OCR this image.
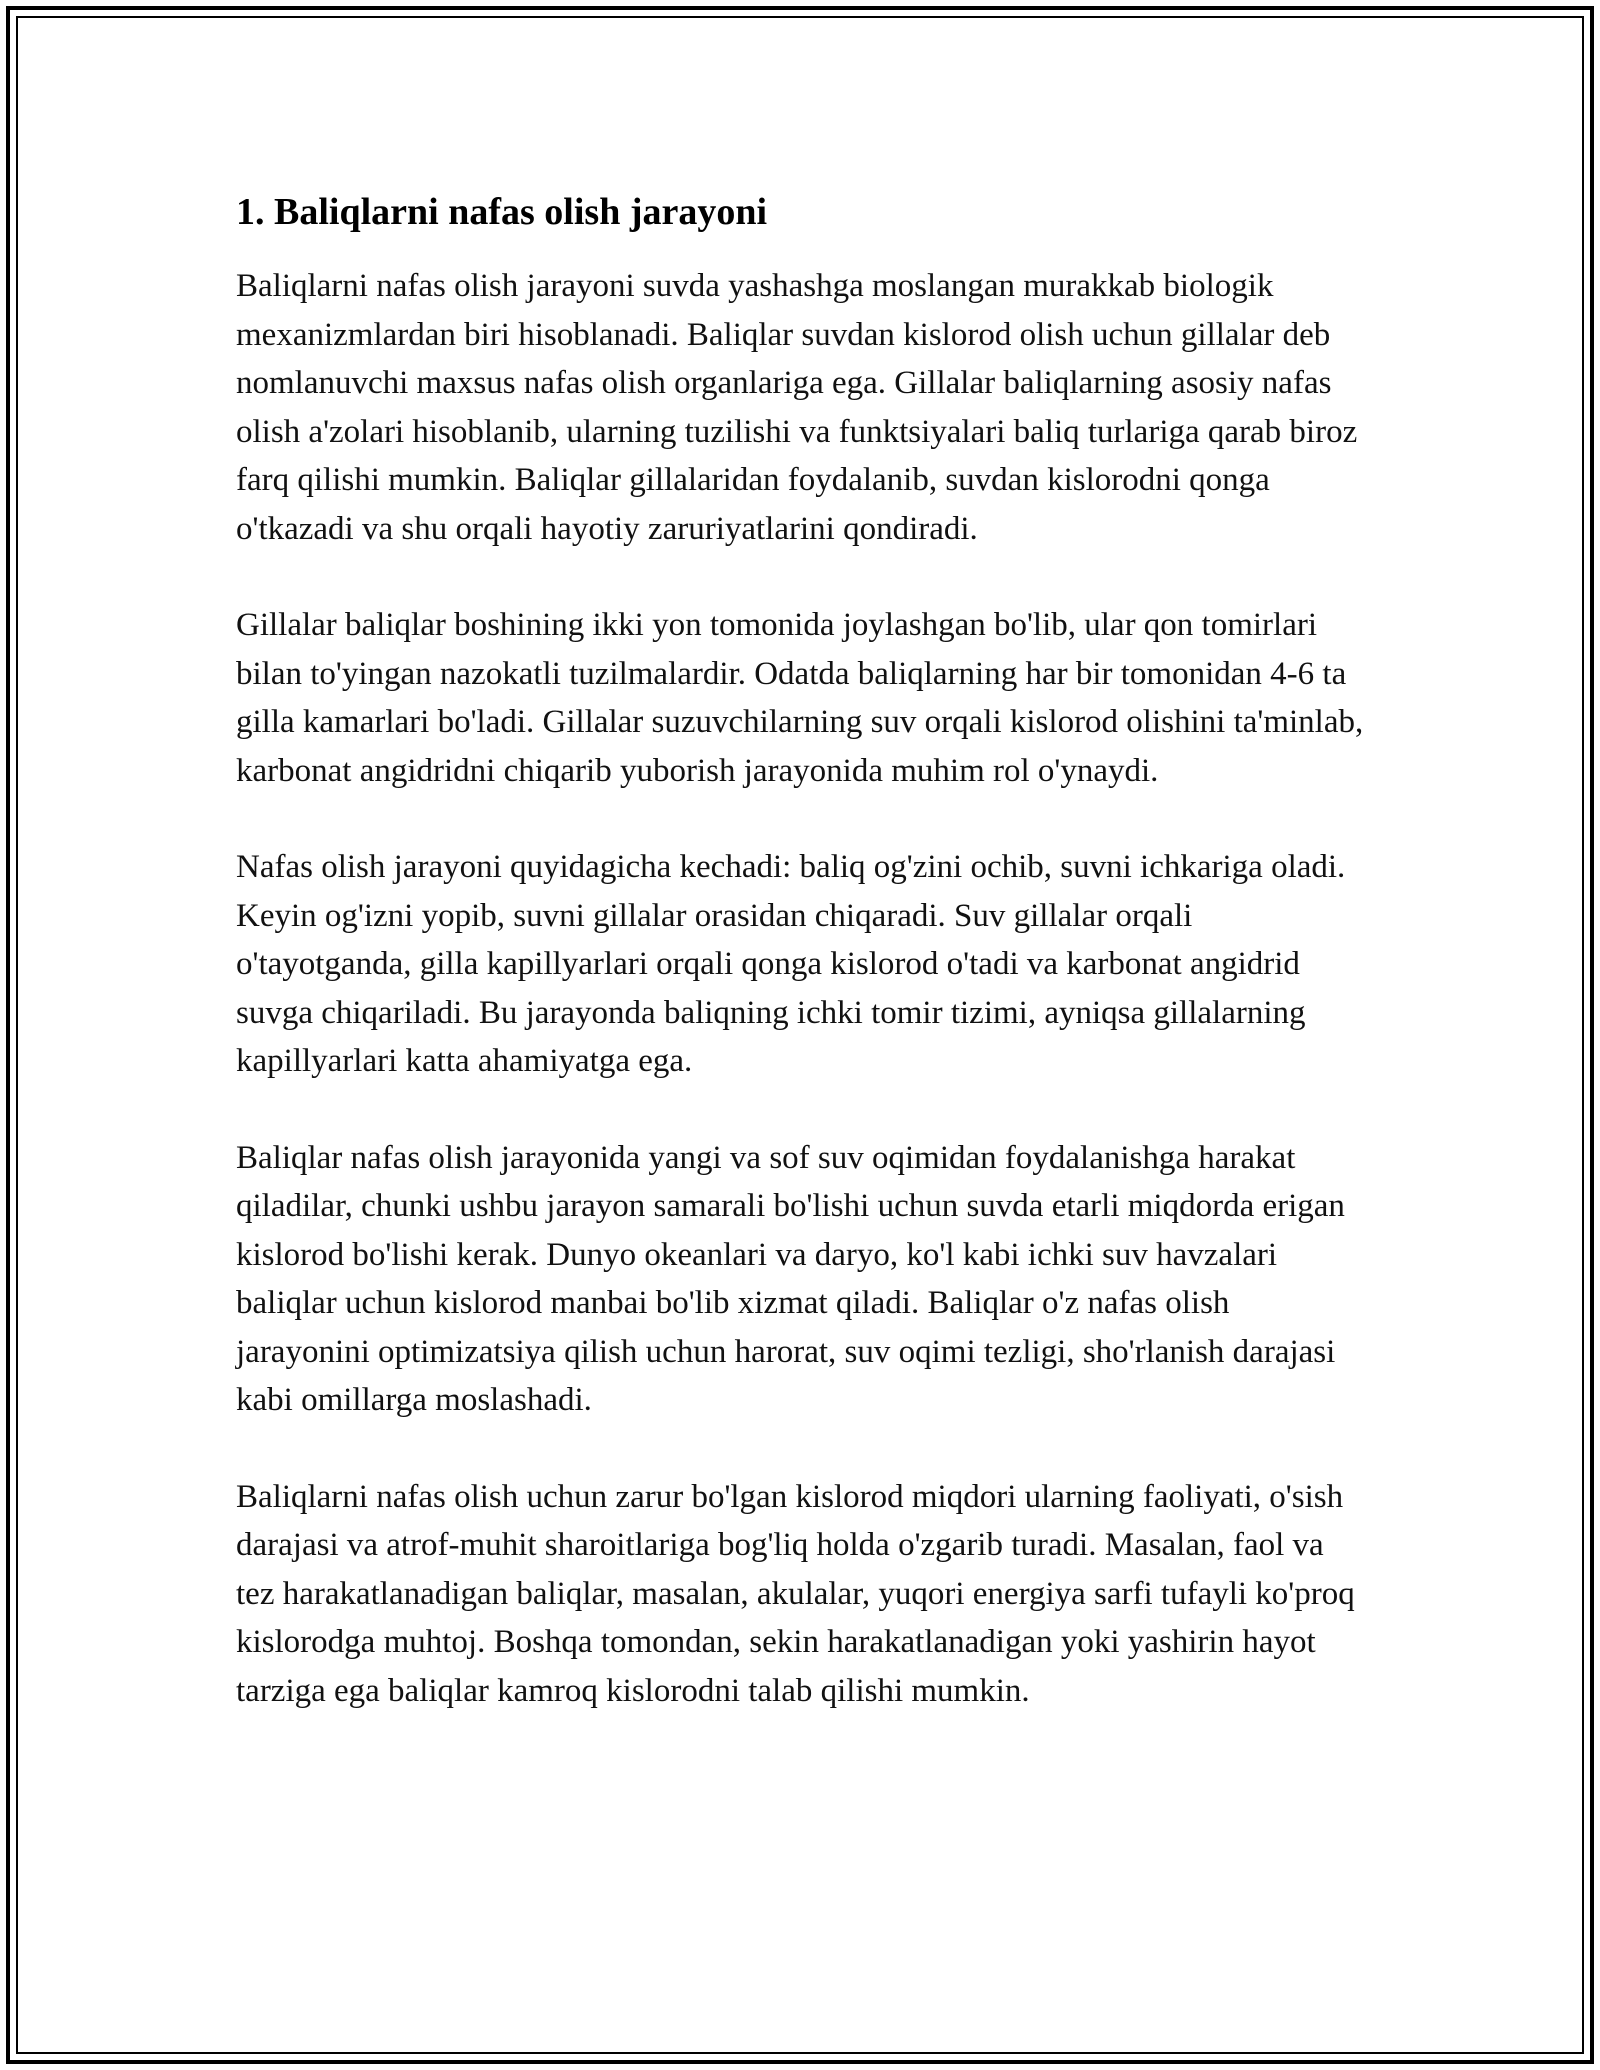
1. Baliqlarni nafas olish jarayoni

Baliqlarni nafas olish jarayoni suvda yashashga moslangan murakkab biologik mexanizmlardan biri hisoblanadi. Baliqlar suvdan kislorod olish uchun gillalar deb nomlanuvchi maxsus nafas olish organlariga ega. Gillalar baliqlarning asosiy nafas olish a'zolari hisoblanib, ularning tuzilishi va funktsiyalari baliq turlariga qarab biroz farq qilishi mumkin. Baliqlar gillalaridan foydalanib, suvdan kislorodni qonga o'tkazadi va shu orqali hayotiy zaruriyatlarini qondiradi.

Gillalar baliqlar boshining ikki yon tomonida joylashgan bo'lib, ular qon tomirlari bilan to'yingan nazokatli tuzilmalardir. Odatda baliqlarning har bir tomonidan 4-6 ta gilla kamarlari bo'ladi. Gillalar suzuvchilarning suv orqali kislorod olishini ta'minlab, karbonat angidridni chiqarib yuborish jarayonida muhim rol o'ynaydi.

Nafas olish jarayoni quyidagicha kechadi: baliq og'zini ochib, suvni ichkariga oladi. Keyin og'izni yopib, suvni gillalar orasidan chiqaradi. Suv gillalar orqali o'tayotganda, gilla kapillyarlari orqali qonga kislorod o'tadi va karbonat angidrid suvga chiqariladi. Bu jarayonda baliqning ichki tomir tizimi, ayniqsa gillalarning kapillyarlari katta ahamiyatga ega.

Baliqlar nafas olish jarayonida yangi va sof suv oqimidan foydalanishga harakat qiladilar, chunki ushbu jarayon samarali bo'lishi uchun suvda etarli miqdorda erigan kislorod bo'lishi kerak. Dunyo okeanlari va daryo, ko'l kabi ichki suv havzalari baliqlar uchun kislorod manbai bo'lib xizmat qiladi. Baliqlar o'z nafas olish jarayonini optimizatsiya qilish uchun harorat, suv oqimi tezligi, sho'rlanish darajasi kabi omillarga moslashadi.

Baliqlarni nafas olish uchun zarur bo'lgan kislorod miqdori ularning faoliyati, o'sish darajasi va atrof-muhit sharoitlariga bog'liq holda o'zgarib turadi. Masalan, faol va tez harakatlanadigan baliqlar, masalan, akulalar, yuqori energiya sarfi tufayli ko'proq kislorodga muhtoj. Boshqa tomondan, sekin harakatlanadigan yoki yashirin hayot tarziga ega baliqlar kamroq kislorodni talab qilishi mumkin.
